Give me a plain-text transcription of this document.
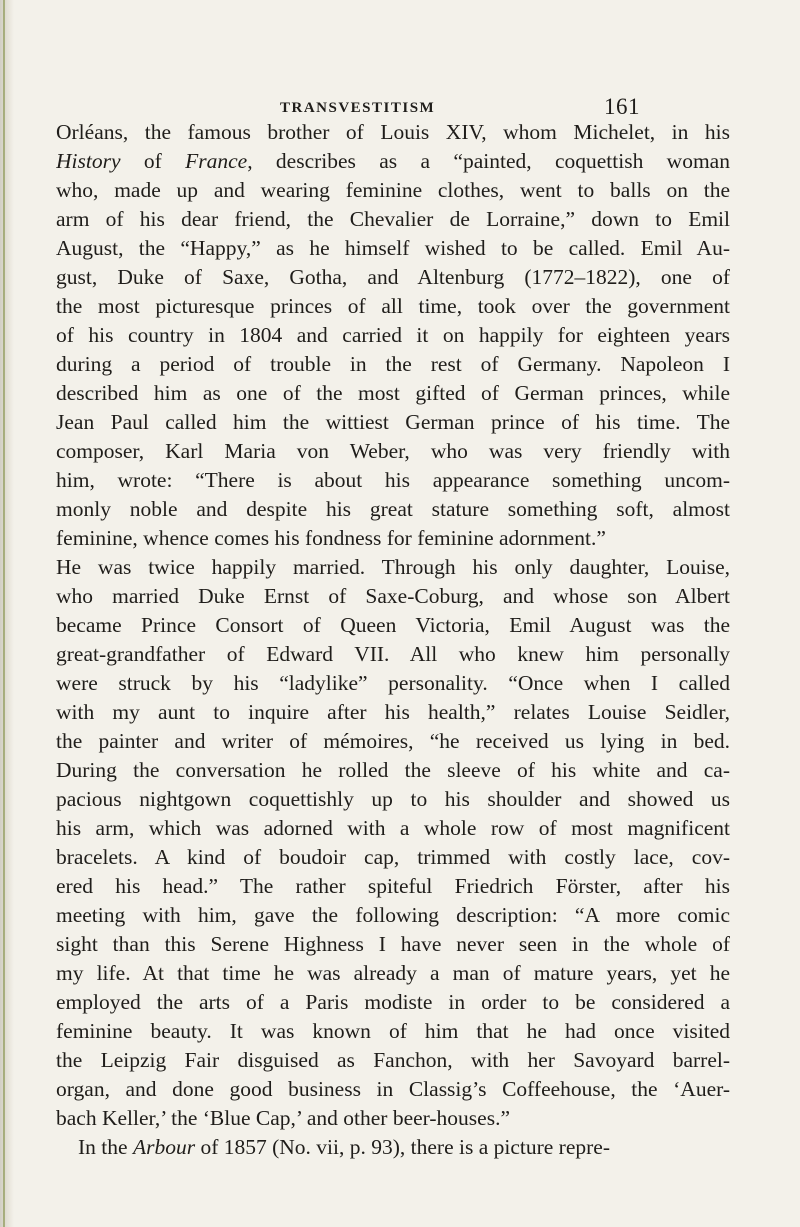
TRANSVESTITISM	161
Orléans, the famous brother of Louis XIV, whom Michelet, in his
History of France, describes as a “painted, coquettish woman
who, made up and wearing feminine clothes, went to balls on the
arm of his dear friend, the Chevalier de Lorraine,” down to Emil
August, the “Happy,” as he himself wished to be called. Emil Au-
gust, Duke of Saxe, Gotha, and Altenburg (1772–1822), one of
the most picturesque princes of all time, took over the government
of his country in 1804 and carried it on happily for eighteen years
during a period of trouble in the rest of Germany. Napoleon I
described him as one of the most gifted of German princes, while
Jean Paul called him the wittiest German prince of his time. The
composer, Karl Maria von Weber, who was very friendly with
him, wrote: “There is about his appearance something uncom-
monly noble and despite his great stature something soft, almost
feminine, whence comes his fondness for feminine adornment.”
He was twice happily married. Through his only daughter, Louise,
who married Duke Ernst of Saxe-Coburg, and whose son Albert
became Prince Consort of Queen Victoria, Emil August was the
great-grandfather of Edward VII. All who knew him personally
were struck by his “ladylike” personality. “Once when I called
with my aunt to inquire after his health,” relates Louise Seidler,
the painter and writer of mémoires, “he received us lying in bed.
During the conversation he rolled the sleeve of his white and ca-
pacious nightgown coquettishly up to his shoulder and showed us
his arm, which was adorned with a whole row of most magnificent
bracelets. A kind of boudoir cap, trimmed with costly lace, cov-
ered his head.” The rather spiteful Friedrich Förster, after his
meeting with him, gave the following description: “A more comic
sight than this Serene Highness I have never seen in the whole of
my life. At that time he was already a man of mature years, yet he
employed the arts of a Paris modiste in order to be considered a
feminine beauty. It was known of him that he had once visited
the Leipzig Fair disguised as Fanchon, with her Savoyard barrel-
organ, and done good business in Classig’s Coffeehouse, the ‘Auer-
bach Keller,’ the ‘Blue Cap,’ and other beer-houses.”
In the Arbour of 1857 (No. vii, p. 93), there is a picture repre-
